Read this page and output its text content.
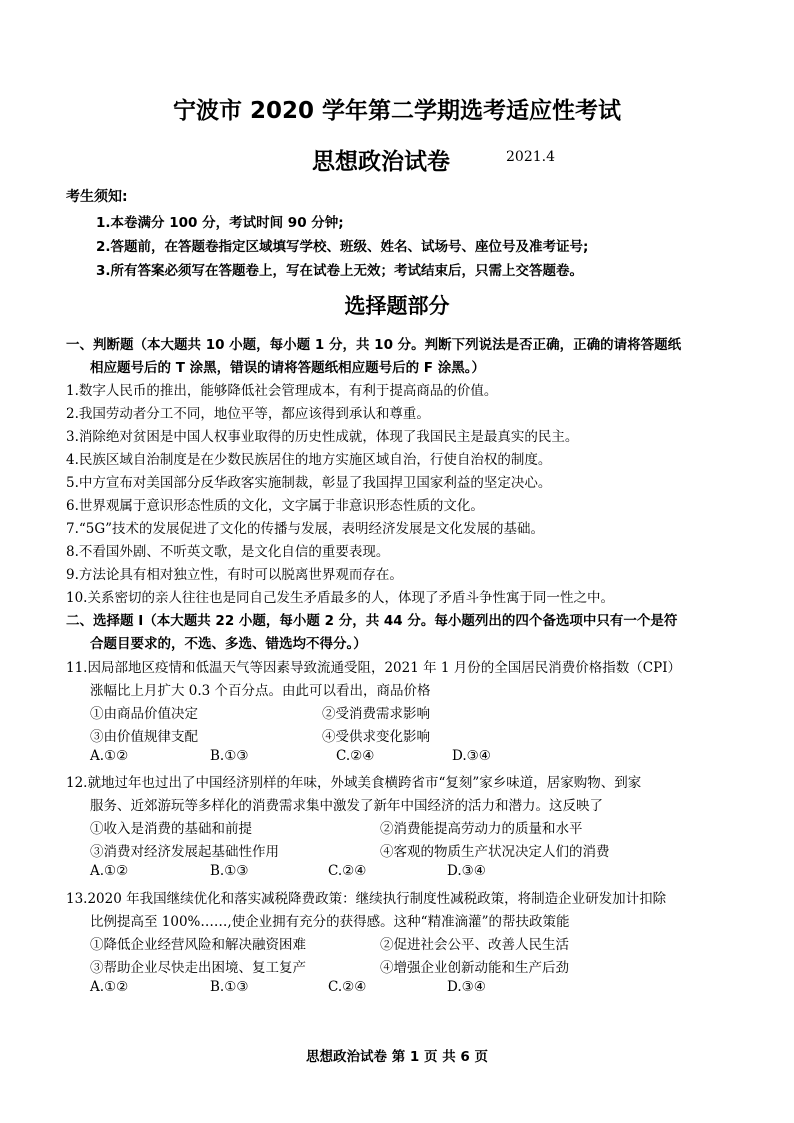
宁波市 2020 学年第二学期选考适应性考试
思想政治试卷	2021.4
考生须知:
1.本卷满分 100 分，考试时间 90 分钟;
2.答题前，在答题卷指定区域填写学校、班级、姓名、试场号、座位号及准考证号;
3.所有答案必须写在答题卷上，写在试卷上无效；考试结束后，只需上交答题卷。
选择题部分
一、判断题（本大题共 10 小题，每小题 1 分，共 10 分。判断下列说法是否正确，正确的请将答题纸
相应题号后的 T 涂黑，错误的请将答题纸相应题号后的 F 涂黑。）
1.数字人民币的推出，能够降低社会管理成本，有利于提高商品的价值。
2.我国劳动者分工不同，地位平等，都应该得到承认和尊重。
3.消除绝对贫困是中国人权事业取得的历史性成就，体现了我国民主是最真实的民主。
4.民族区域自治制度是在少数民族居住的地方实施区域自治，行使自治权的制度。
5.中方宣布对美国部分反华政客实施制裁，彰显了我国捍卫国家利益的坚定决心。
6.世界观属于意识形态性质的文化，文字属于非意识形态性质的文化。
7.“5G”技术的发展促进了文化的传播与发展，表明经济发展是文化发展的基础。
8.不看国外剧、不听英文歌，是文化自信的重要表现。
9.方法论具有相对独立性，有时可以脱离世界观而存在。
10.关系密切的亲人往往也是同自己发生矛盾最多的人，体现了矛盾斗争性寓于同一性之中。
二、选择题 I（本大题共 22 小题，每小题 2 分，共 44 分。每小题列出的四个备选项中只有一个是符
合题目要求的，不选、多选、错选均不得分。）
11.因局部地区疫情和低温天气等因素导致流通受阻，2021 年 1 月份的全国居民消费价格指数（CPI）
涨幅比上月扩大 0.3 个百分点。由此可以看出，商品价格
①由商品价值决定	②受消费需求影响
③由价值规律支配	④受供求变化影响
A.①②	B.①③	C.②④	D.③④
12.就地过年也过出了中国经济别样的年味，外域美食横跨省市“复刻”家乡味道，居家购物、到家
服务、近郊游玩等多样化的消费需求集中激发了新年中国经济的活力和潜力。这反映了
①收入是消费的基础和前提	②消费能提高劳动力的质量和水平
③消费对经济发展起基础性作用	④客观的物质生产状况决定人们的消费
A.①②	B.①③	C.②④	D.③④
13.2020 年我国继续优化和落实减税降费政策：继续执行制度性减税政策，将制造企业研发加计扣除
比例提高至 100%……,使企业拥有充分的获得感。这种“精准滴灌”的帮扶政策能
①降低企业经营风险和解决融资困难	②促进社会公平、改善人民生活
③帮助企业尽快走出困境、复工复产	④增强企业创新动能和生产后劲
A.①②	B.①③	C.②④	D.③④
思想政治试卷 第 1 页 共 6 页
